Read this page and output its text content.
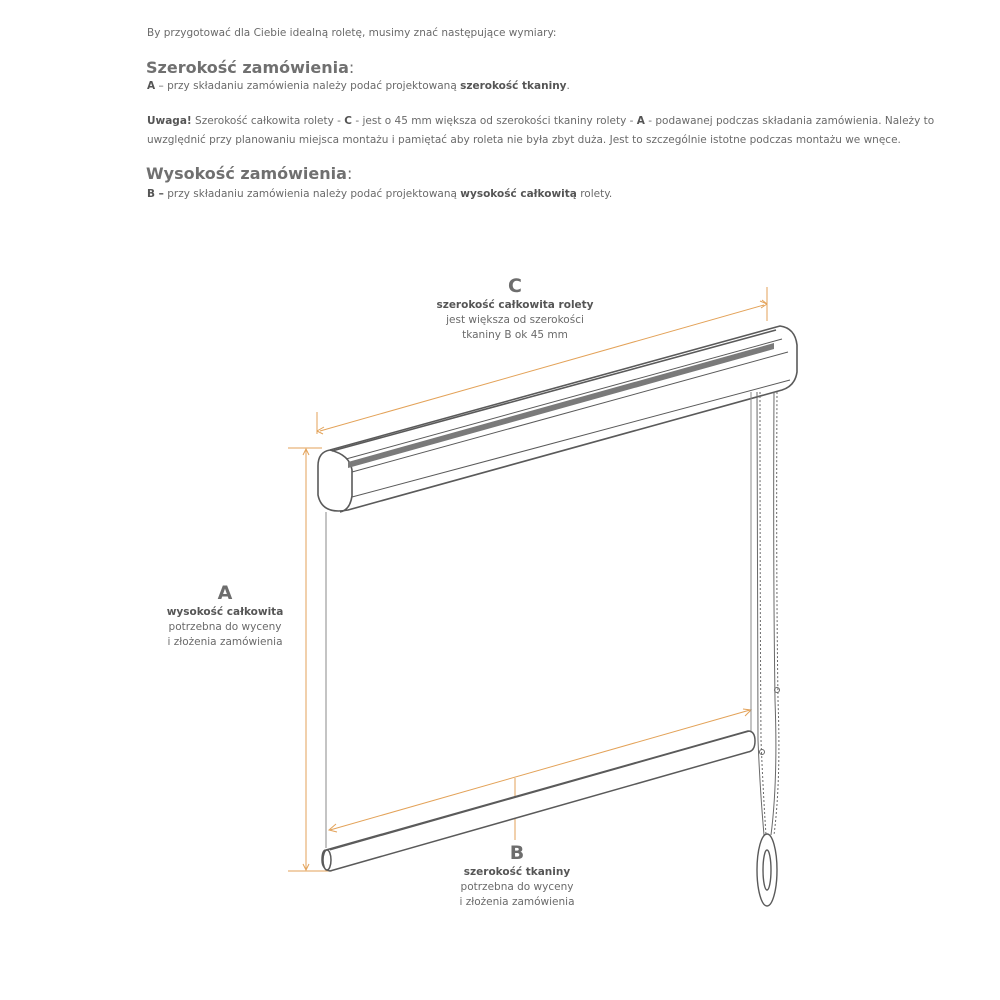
By przygotować dla Ciebie idealną roletę, musimy znać następujące wymiary:
Szerokość zamówienia:
A – przy składaniu zamówienia należy podać projektowaną szerokość tkaniny.
Uwaga! Szerokość całkowita rolety - C - jest o 45 mm większa od szerokości tkaniny rolety - A - podawanej podczas składania zamówienia. Należy to
uwzględnić przy planowaniu miejsca montażu i pamiętać aby roleta nie była zbyt duża. Jest to szczególnie istotne podczas montażu we wnęce.
Wysokość zamówienia:
B – przy składaniu zamówienia należy podać projektowaną wysokość całkowitą rolety.
C
szerokość całkowita rolety
jest większa od szerokości
tkaniny B ok 45 mm
A
wysokość całkowita
potrzebna do wyceny
i złożenia zamówienia
B
szerokość tkaniny
potrzebna do wyceny
i złożenia zamówienia
